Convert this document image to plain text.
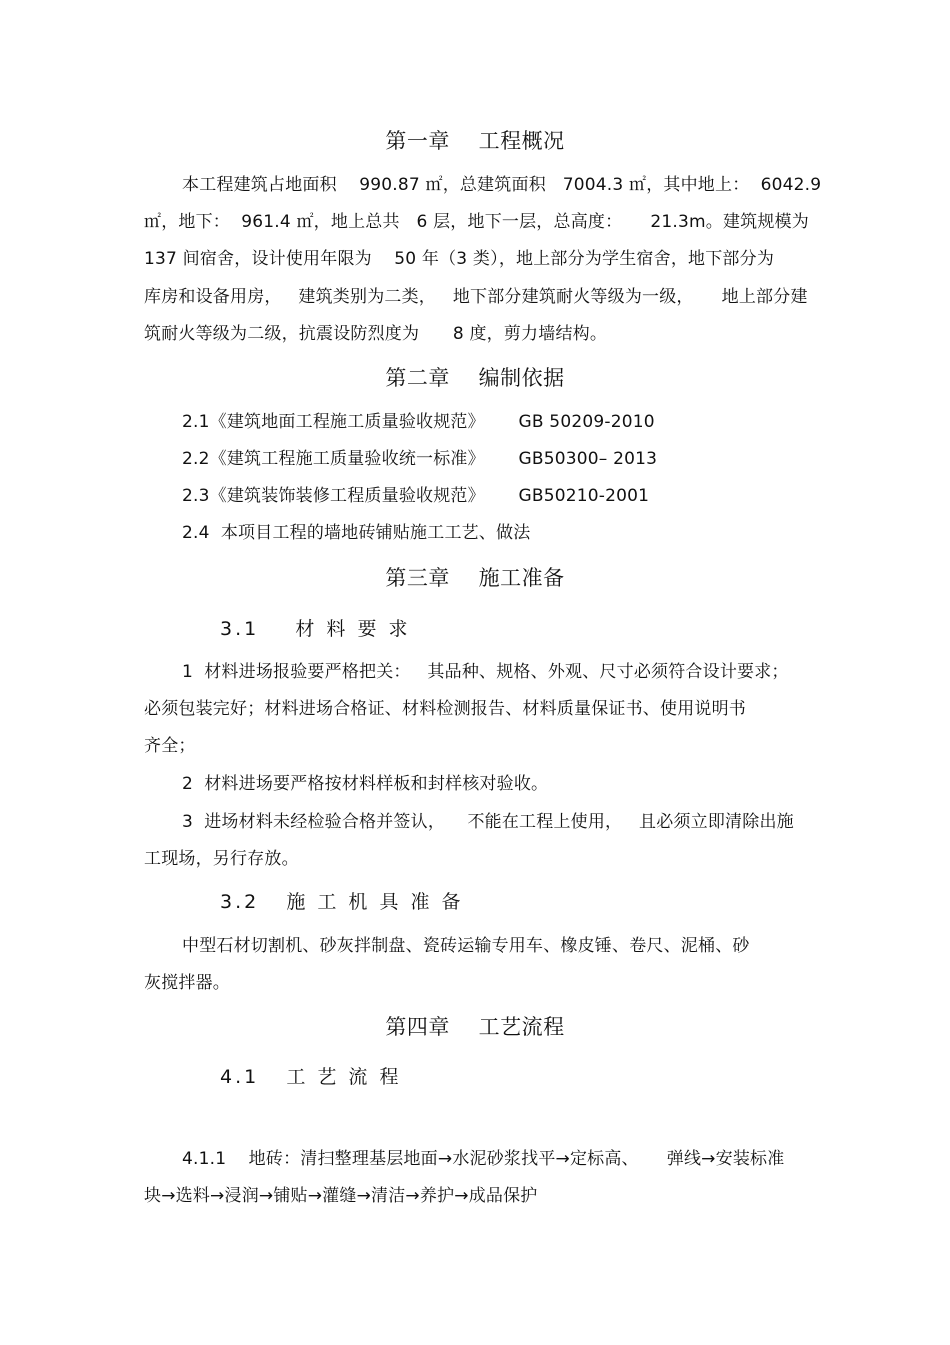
第一章    工程概况
本工程建筑占地面积    990.87 ㎡，总建筑面积   7004.3 ㎡，其中地上：  6042.9
㎡，地下：  961.4 ㎡，地上总共   6 层，地下一层，总高度：     21.3m。建筑规模为
137 间宿舍，设计使用年限为    50 年（3 类），地上部分为学生宿舍，地下部分为
库房和设备用房，   建筑类别为二类，   地下部分建筑耐火等级为一级，     地上部分建
筑耐火等级为二级，抗震设防烈度为      8 度，剪力墙结构。
第二章    编制依据
2.1《建筑地面工程施工质量验收规范》      GB 50209-2010
2.2《建筑工程施工质量验收统一标准》      GB50300– 2013
2.3《建筑装饰装修工程质量验收规范》      GB50210-2001
2.4  本项目工程的墙地砖铺贴施工工艺、做法
第三章    施工准备
3.1    材 料 要 求
1  材料进场报验要严格把关：   其品种、规格、外观、尺寸必须符合设计要求；
必须包装完好；材料进场合格证、材料检测报告、材料质量保证书、使用说明书
齐全；
2  材料进场要严格按材料样板和封样核对验收。
3  进场材料未经检验合格并签认，    不能在工程上使用，   且必须立即清除出施
工现场，另行存放。
3.2   施 工 机 具 准 备
中型石材切割机、砂灰拌制盘、瓷砖运输专用车、橡皮锤、卷尺、泥桶、砂
灰搅拌器。
第四章    工艺流程
4.1   工 艺 流 程
4.1.1    地砖：清扫整理基层地面→水泥砂浆找平→定标高、     弹线→安装标准
块→选料→浸润→铺贴→灌缝→清洁→养护→成品保护
